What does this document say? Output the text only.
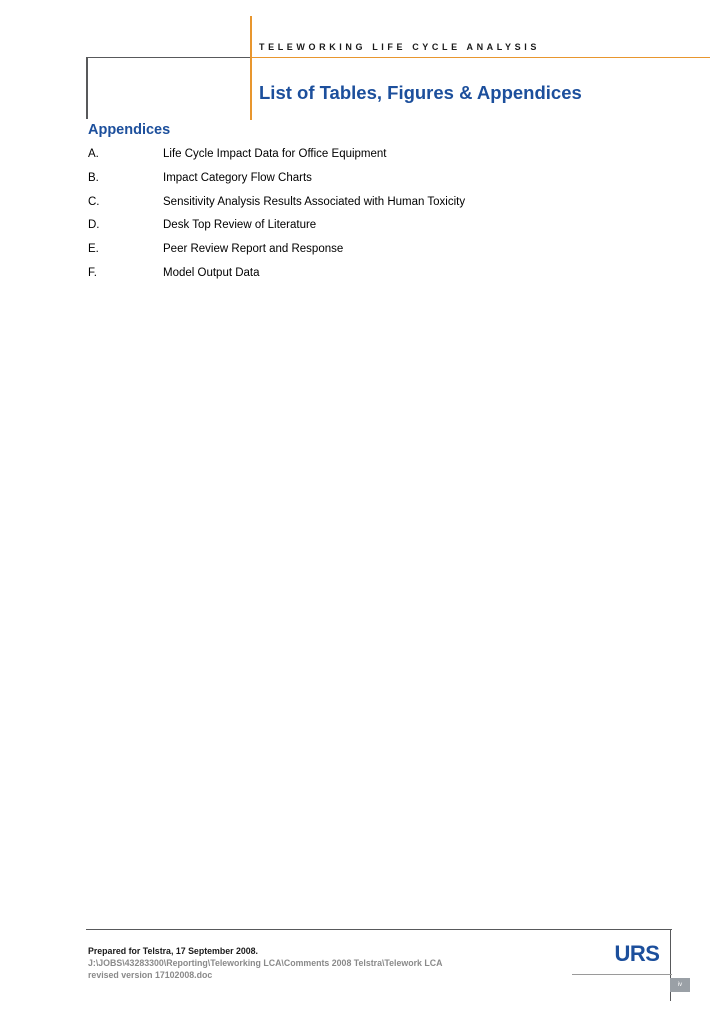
TELEWORKING LIFE CYCLE ANALYSIS
List of Tables, Figures & Appendices
Appendices
A.	Life Cycle Impact Data for Office Equipment
B.	Impact Category Flow Charts
C.	Sensitivity Analysis Results Associated with Human Toxicity
D.	Desk Top Review of Literature
E.	Peer Review Report and Response
F.	Model Output Data
Prepared for Telstra, 17 September 2008.
J:\JOBS\43283300\Reporting\Teleworking LCA\Comments 2008 Telstra\Telework LCA
revised version 17102008.doc
URS
iv
